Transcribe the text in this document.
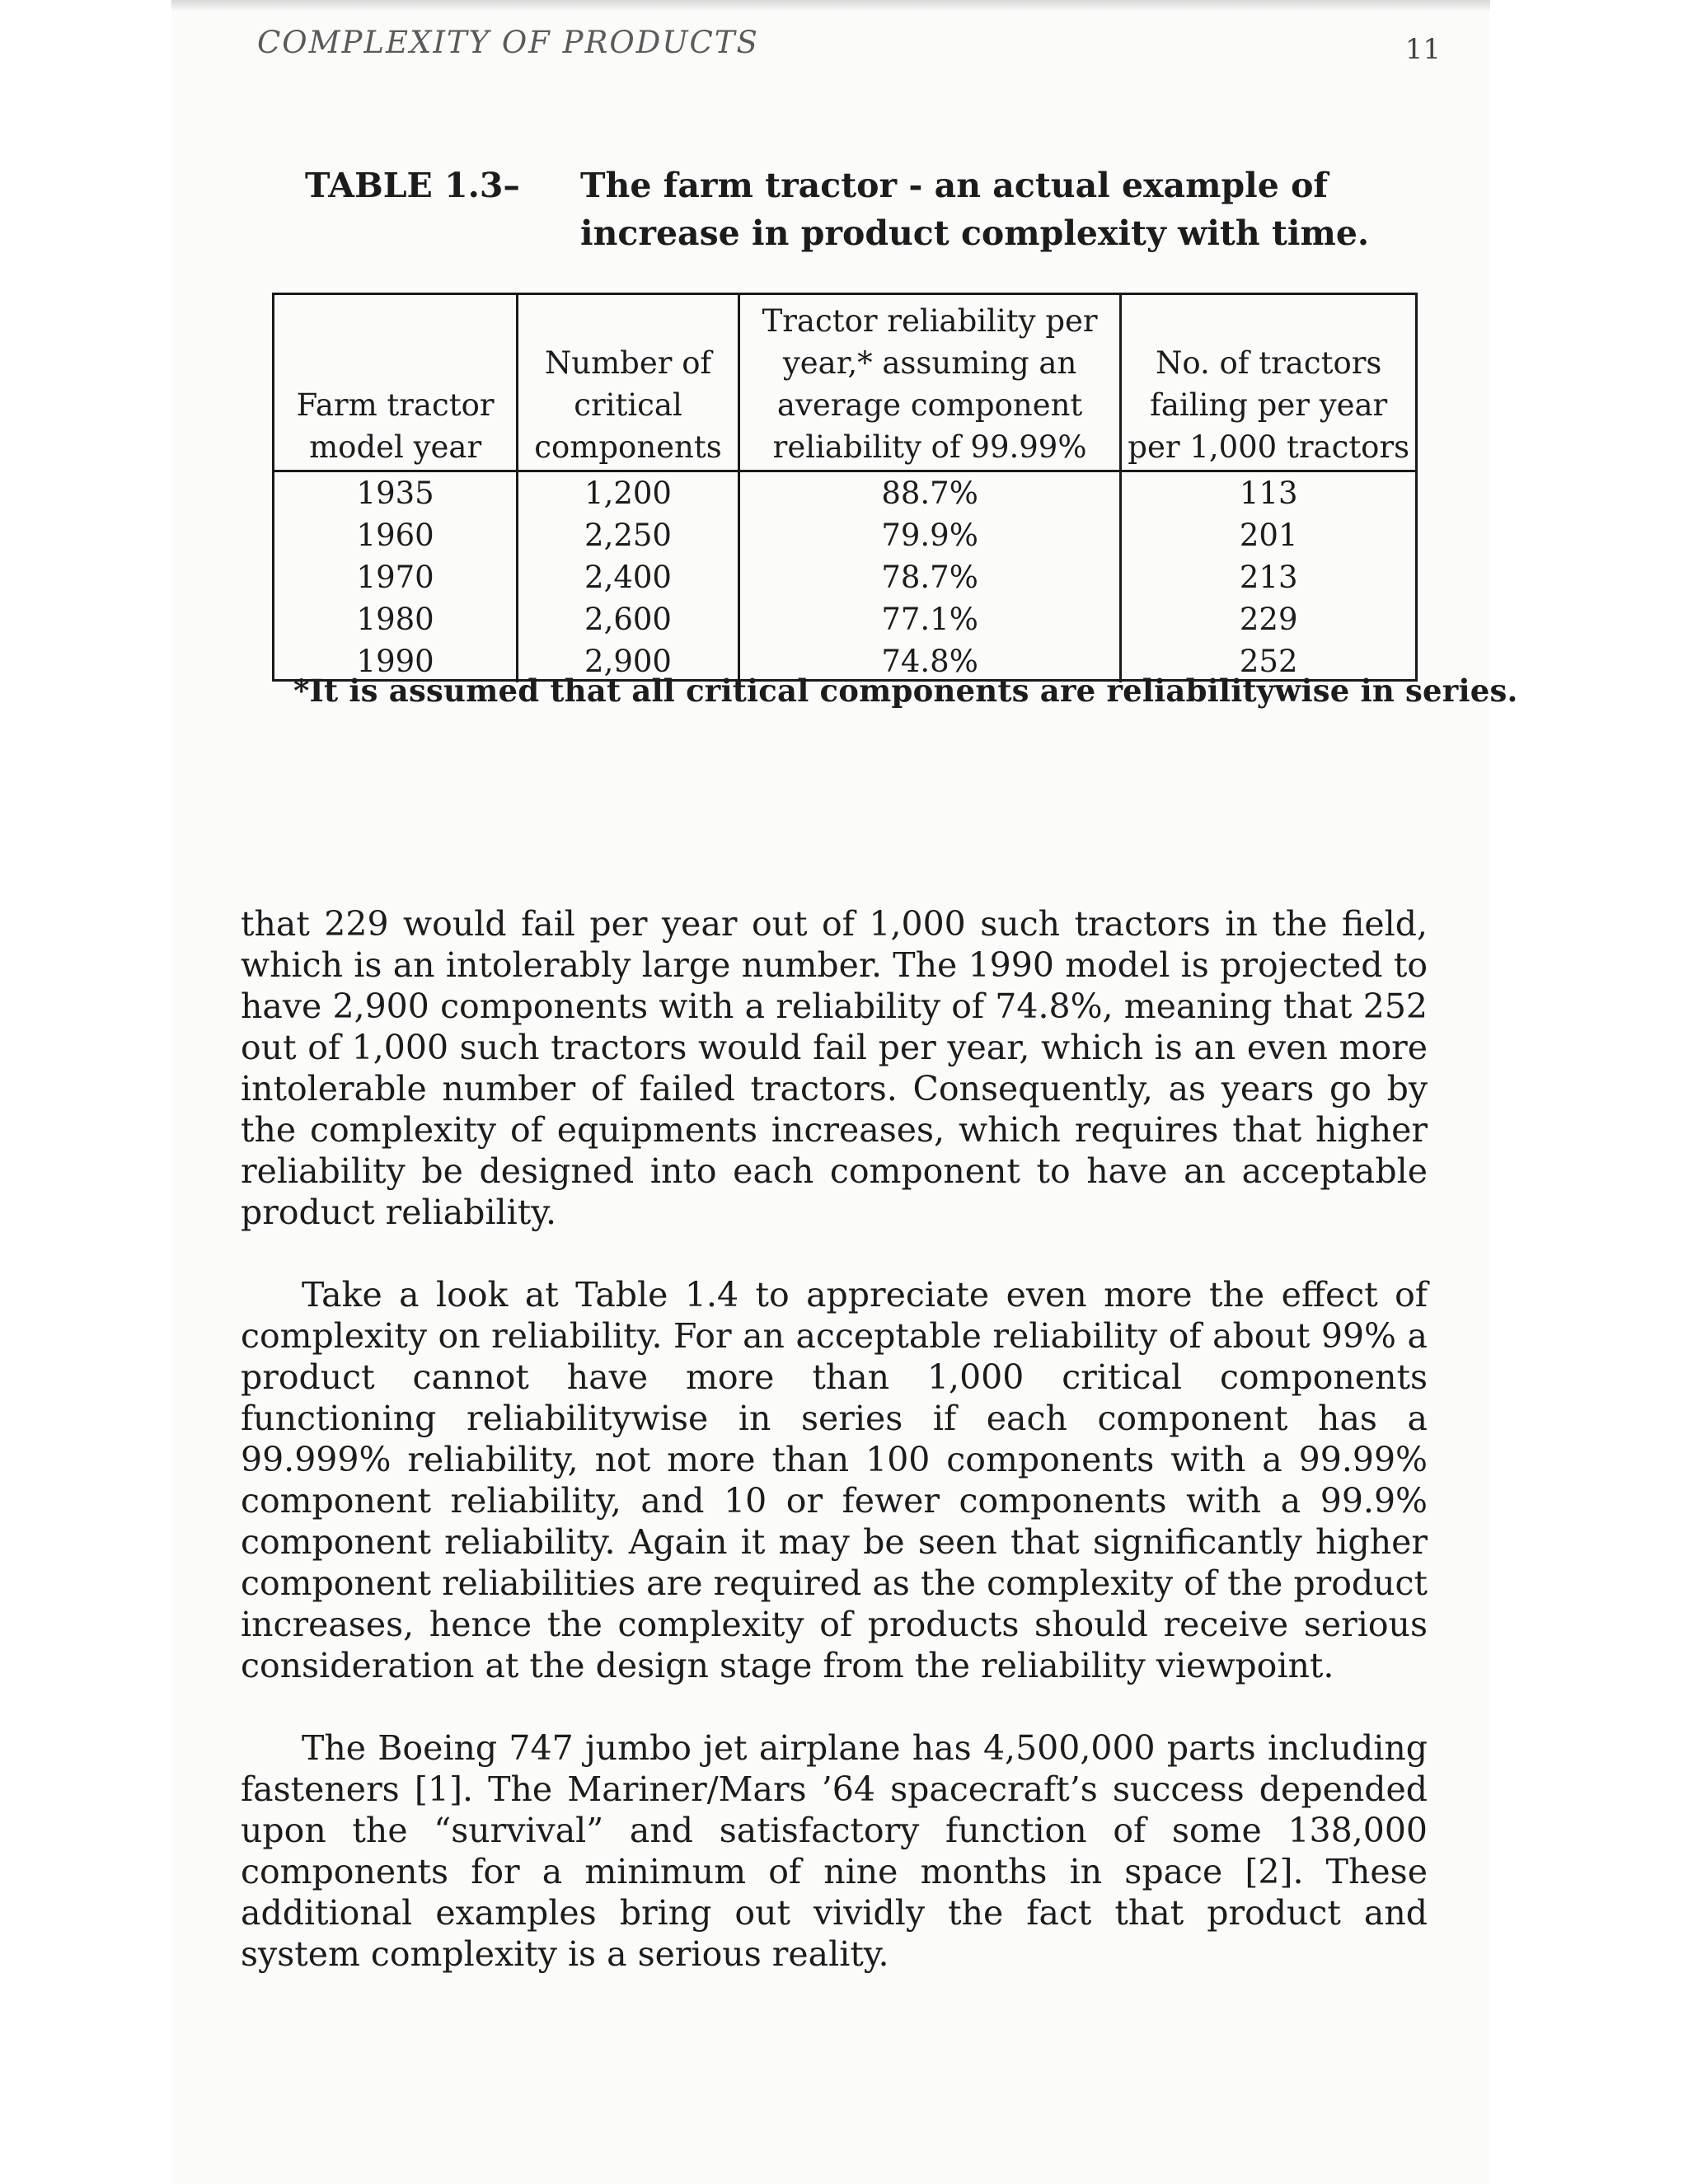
COMPLEXITY OF PRODUCTS	11
TABLE 1.3– The farm tractor - an actual example of increase in product complexity with time.
Farm tractor model year	Number of critical components	Tractor reliability per year,* assuming an average component reliability of 99.99%	No. of tractors failing per year per 1,000 tractors
1935	1,200	88.7%	113
1960	2,250	79.9%	201
1970	2,400	78.7%	213
1980	2,600	77.1%	229
1990	2,900	74.8%	252
*It is assumed that all critical components are reliabilitywise in series.

that 229 would fail per year out of 1,000 such tractors in the field, which is an intolerably large number. The 1990 model is projected to have 2,900 components with a reliability of 74.8%, meaning that 252 out of 1,000 such tractors would fail per year, which is an even more intolerable number of failed tractors. Consequently, as years go by the complexity of equipments increases, which requires that higher reliability be designed into each component to have an acceptable product reliability.

Take a look at Table 1.4 to appreciate even more the effect of complexity on reliability. For an acceptable reliability of about 99% a product cannot have more than 1,000 critical components functioning reliabilitywise in series if each component has a 99.999% reliability, not more than 100 components with a 99.99% component reliability, and 10 or fewer components with a 99.9% component reliability. Again it may be seen that significantly higher component reliabilities are required as the complexity of the product increases, hence the complexity of products should receive serious consideration at the design stage from the reliability viewpoint.

The Boeing 747 jumbo jet airplane has 4,500,000 parts including fasteners [1]. The Mariner/Mars ’64 spacecraft’s success depended upon the “survival” and satisfactory function of some 138,000 components for a minimum of nine months in space [2]. These additional examples bring out vividly the fact that product and system complexity is a serious reality.
